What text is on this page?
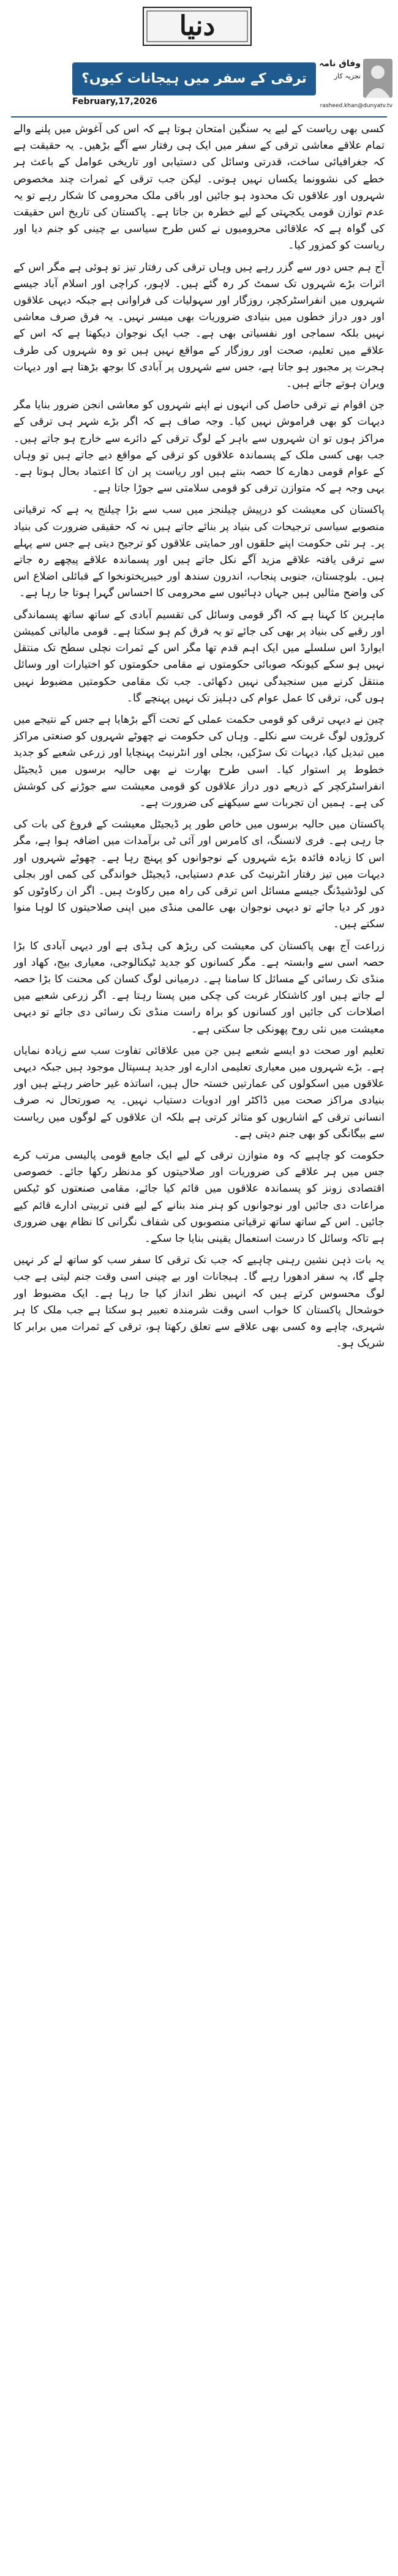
دنیا
ترقی کے سفر میں ہیجانات کیوں؟
February,17,2026
وفاق نامہ
تجزیہ کار
rasheed.khan@dunyatv.tv

کسی بھی ریاست کے لیے یہ سنگین امتحان ہوتا ہے کہ اس کی آغوش میں پلنے والے تمام علاقے معاشی ترقی کے سفر میں ایک ہی رفتار سے آگے بڑھیں۔ یہ حقیقت ہے کہ جغرافیائی ساخت، قدرتی وسائل کی دستیابی اور تاریخی عوامل کے باعث ہر خطے کی نشوونما یکساں نہیں ہوتی۔ لیکن جب ترقی کے ثمرات چند مخصوص شہروں اور علاقوں تک محدود ہو جائیں اور باقی ملک محرومی کا شکار رہے تو یہ عدم توازن قومی یکجہتی کے لیے خطرہ بن جاتا ہے۔ پاکستان کی تاریخ اس حقیقت کی گواہ ہے کہ علاقائی محرومیوں نے کس طرح سیاسی بے چینی کو جنم دیا اور ریاست کو کمزور کیا۔

آج ہم جس دور سے گزر رہے ہیں وہاں ترقی کی رفتار تیز تو ہوئی ہے مگر اس کے اثرات بڑے شہروں تک سمٹ کر رہ گئے ہیں۔ لاہور، کراچی اور اسلام آباد جیسے شہروں میں انفراسٹرکچر، روزگار اور سہولیات کی فراوانی ہے جبکہ دیہی علاقوں اور دور دراز خطوں میں بنیادی ضروریات بھی میسر نہیں۔ یہ فرق صرف معاشی نہیں بلکہ سماجی اور نفسیاتی بھی ہے۔ جب ایک نوجوان دیکھتا ہے کہ اس کے علاقے میں تعلیم، صحت اور روزگار کے مواقع نہیں ہیں تو وہ شہروں کی طرف ہجرت پر مجبور ہو جاتا ہے، جس سے شہروں پر آبادی کا بوجھ بڑھتا ہے اور دیہات ویران ہوتے جاتے ہیں۔

جن اقوام نے ترقی حاصل کی انہوں نے اپنے شہروں کو معاشی انجن ضرور بنایا مگر دیہات کو بھی فراموش نہیں کیا۔ وجہ صاف ہے کہ اگر بڑے شہر ہی ترقی کے مراکز ہوں تو ان شہروں سے باہر کے لوگ ترقی کے دائرے سے خارج ہو جاتے ہیں۔ جب بھی کسی ملک کے پسماندہ علاقوں کو ترقی کے مواقع دیے جاتے ہیں تو وہاں کے عوام قومی دھارے کا حصہ بنتے ہیں اور ریاست پر ان کا اعتماد بحال ہوتا ہے۔ یہی وجہ ہے کہ متوازن ترقی کو قومی سلامتی سے جوڑا جاتا ہے۔

پاکستان کی معیشت کو درپیش چیلنجز میں سب سے بڑا چیلنج یہ ہے کہ ترقیاتی منصوبے سیاسی ترجیحات کی بنیاد پر بنائے جاتے ہیں نہ کہ حقیقی ضرورت کی بنیاد پر۔ ہر نئی حکومت اپنے حلقوں اور حمایتی علاقوں کو ترجیح دیتی ہے جس سے پہلے سے ترقی یافتہ علاقے مزید آگے نکل جاتے ہیں اور پسماندہ علاقے پیچھے رہ جاتے ہیں۔ بلوچستان، جنوبی پنجاب، اندرون سندھ اور خیبرپختونخوا کے قبائلی اضلاع اس کی واضح مثالیں ہیں جہاں دہائیوں سے محرومی کا احساس گہرا ہوتا جا رہا ہے۔

ماہرین کا کہنا ہے کہ اگر قومی وسائل کی تقسیم آبادی کے ساتھ ساتھ پسماندگی اور رقبے کی بنیاد پر بھی کی جائے تو یہ فرق کم ہو سکتا ہے۔ قومی مالیاتی کمیشن ایوارڈ اس سلسلے میں ایک اہم قدم تھا مگر اس کے ثمرات نچلی سطح تک منتقل نہیں ہو سکے کیونکہ صوبائی حکومتوں نے مقامی حکومتوں کو اختیارات اور وسائل منتقل کرنے میں سنجیدگی نہیں دکھائی۔ جب تک مقامی حکومتیں مضبوط نہیں ہوں گی، ترقی کا عمل عوام کی دہلیز تک نہیں پہنچے گا۔

چین نے دیہی ترقی کو قومی حکمت عملی کے تحت آگے بڑھایا ہے جس کے نتیجے میں کروڑوں لوگ غربت سے نکلے۔ وہاں کی حکومت نے چھوٹے شہروں کو صنعتی مراکز میں تبدیل کیا، دیہات تک سڑکیں، بجلی اور انٹرنیٹ پہنچایا اور زرعی شعبے کو جدید خطوط پر استوار کیا۔ اسی طرح بھارت نے بھی حالیہ برسوں میں ڈیجیٹل انفراسٹرکچر کے ذریعے دور دراز علاقوں کو قومی معیشت سے جوڑنے کی کوشش کی ہے۔ ہمیں ان تجربات سے سیکھنے کی ضرورت ہے۔

پاکستان میں حالیہ برسوں میں خاص طور پر ڈیجیٹل معیشت کے فروغ کی بات کی جا رہی ہے۔ فری لانسنگ، ای کامرس اور آئی ٹی برآمدات میں اضافہ ہوا ہے، مگر اس کا زیادہ فائدہ بڑے شہروں کے نوجوانوں کو پہنچ رہا ہے۔ چھوٹے شہروں اور دیہات میں تیز رفتار انٹرنیٹ کی عدم دستیابی، ڈیجیٹل خواندگی کی کمی اور بجلی کی لوڈشیڈنگ جیسے مسائل اس ترقی کی راہ میں رکاوٹ ہیں۔ اگر ان رکاوٹوں کو دور کر دیا جائے تو دیہی نوجوان بھی عالمی منڈی میں اپنی صلاحیتوں کا لوہا منوا سکتے ہیں۔

زراعت آج بھی پاکستان کی معیشت کی ریڑھ کی ہڈی ہے اور دیہی آبادی کا بڑا حصہ اسی سے وابستہ ہے۔ مگر کسانوں کو جدید ٹیکنالوجی، معیاری بیج، کھاد اور منڈی تک رسائی کے مسائل کا سامنا ہے۔ درمیانی لوگ کسان کی محنت کا بڑا حصہ لے جاتے ہیں اور کاشتکار غربت کی چکی میں پستا رہتا ہے۔ اگر زرعی شعبے میں اصلاحات کی جائیں اور کسانوں کو براہ راست منڈی تک رسائی دی جائے تو دیہی معیشت میں نئی روح پھونکی جا سکتی ہے۔

تعلیم اور صحت دو ایسے شعبے ہیں جن میں علاقائی تفاوت سب سے زیادہ نمایاں ہے۔ بڑے شہروں میں معیاری تعلیمی ادارے اور جدید ہسپتال موجود ہیں جبکہ دیہی علاقوں میں اسکولوں کی عمارتیں خستہ حال ہیں، اساتذہ غیر حاضر رہتے ہیں اور بنیادی مراکز صحت میں ڈاکٹر اور ادویات دستیاب نہیں۔ یہ صورتحال نہ صرف انسانی ترقی کے اشاریوں کو متاثر کرتی ہے بلکہ ان علاقوں کے لوگوں میں ریاست سے بیگانگی کو بھی جنم دیتی ہے۔

حکومت کو چاہیے کہ وہ متوازن ترقی کے لیے ایک جامع قومی پالیسی مرتب کرے جس میں ہر علاقے کی ضروریات اور صلاحیتوں کو مدنظر رکھا جائے۔ خصوصی اقتصادی زونز کو پسماندہ علاقوں میں قائم کیا جائے، مقامی صنعتوں کو ٹیکس مراعات دی جائیں اور نوجوانوں کو ہنر مند بنانے کے لیے فنی تربیتی ادارے قائم کیے جائیں۔ اس کے ساتھ ساتھ ترقیاتی منصوبوں کی شفاف نگرانی کا نظام بھی ضروری ہے تاکہ وسائل کا درست استعمال یقینی بنایا جا سکے۔

یہ بات ذہن نشین رہنی چاہیے کہ جب تک ترقی کا سفر سب کو ساتھ لے کر نہیں چلے گا، یہ سفر ادھورا رہے گا۔ ہیجانات اور بے چینی اسی وقت جنم لیتی ہے جب لوگ محسوس کرتے ہیں کہ انہیں نظر انداز کیا جا رہا ہے۔ ایک مضبوط اور خوشحال پاکستان کا خواب اسی وقت شرمندہ تعبیر ہو سکتا ہے جب ملک کا ہر شہری، چاہے وہ کسی بھی علاقے سے تعلق رکھتا ہو، ترقی کے ثمرات میں برابر کا شریک ہو۔
